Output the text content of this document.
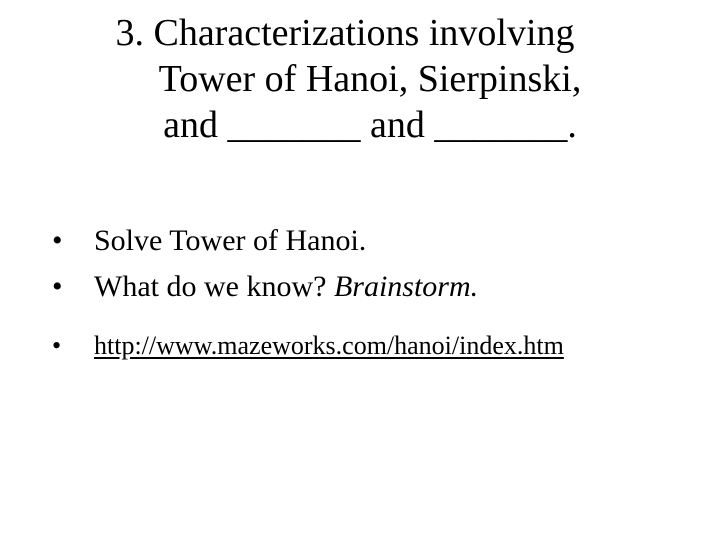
3. Characterizations involving
Tower of Hanoi, Sierpinski,
and _______ and _______.
• Solve Tower of Hanoi.
• What do we know? Brainstorm.
• http://www.mazeworks.com/hanoi/index.htm
